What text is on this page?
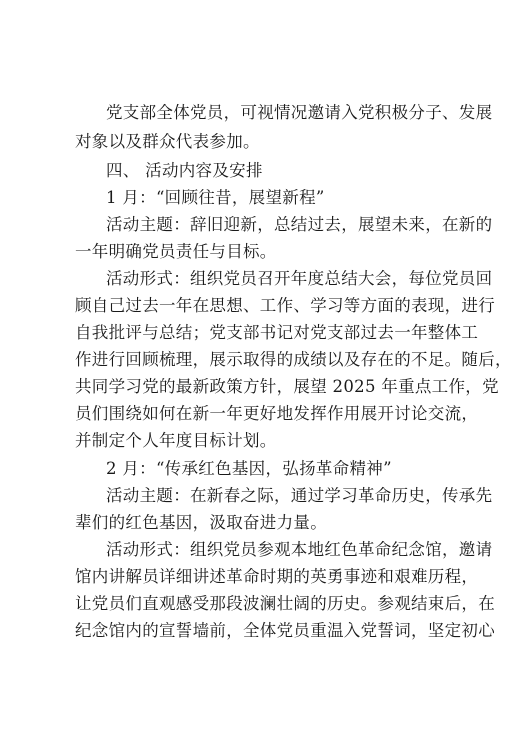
党支部全体党员，可视情况邀请入党积极分子、发展
对象以及群众代表参加。
四、 活动内容及安排
1 月：“回顾往昔，展望新程”
活动主题：辞旧迎新，总结过去，展望未来，在新的
一年明确党员责任与目标。
活动形式：组织党员召开年度总结大会，每位党员回
顾自己过去一年在思想、工作、学习等方面的表现，进行
自我批评与总结；党支部书记对党支部过去一年整体工
作进行回顾梳理，展示取得的成绩以及存在的不足。随后，
共同学习党的最新政策方针，展望 2025 年重点工作，党
员们围绕如何在新一年更好地发挥作用展开讨论交流，
并制定个人年度目标计划。
2 月：“传承红色基因，弘扬革命精神”
活动主题：在新春之际，通过学习革命历史，传承先
辈们的红色基因，汲取奋进力量。
活动形式：组织党员参观本地红色革命纪念馆，邀请
馆内讲解员详细讲述革命时期的英勇事迹和艰难历程，
让党员们直观感受那段波澜壮阔的历史。参观结束后，在
纪念馆内的宣誓墙前，全体党员重温入党誓词，坚定初心
